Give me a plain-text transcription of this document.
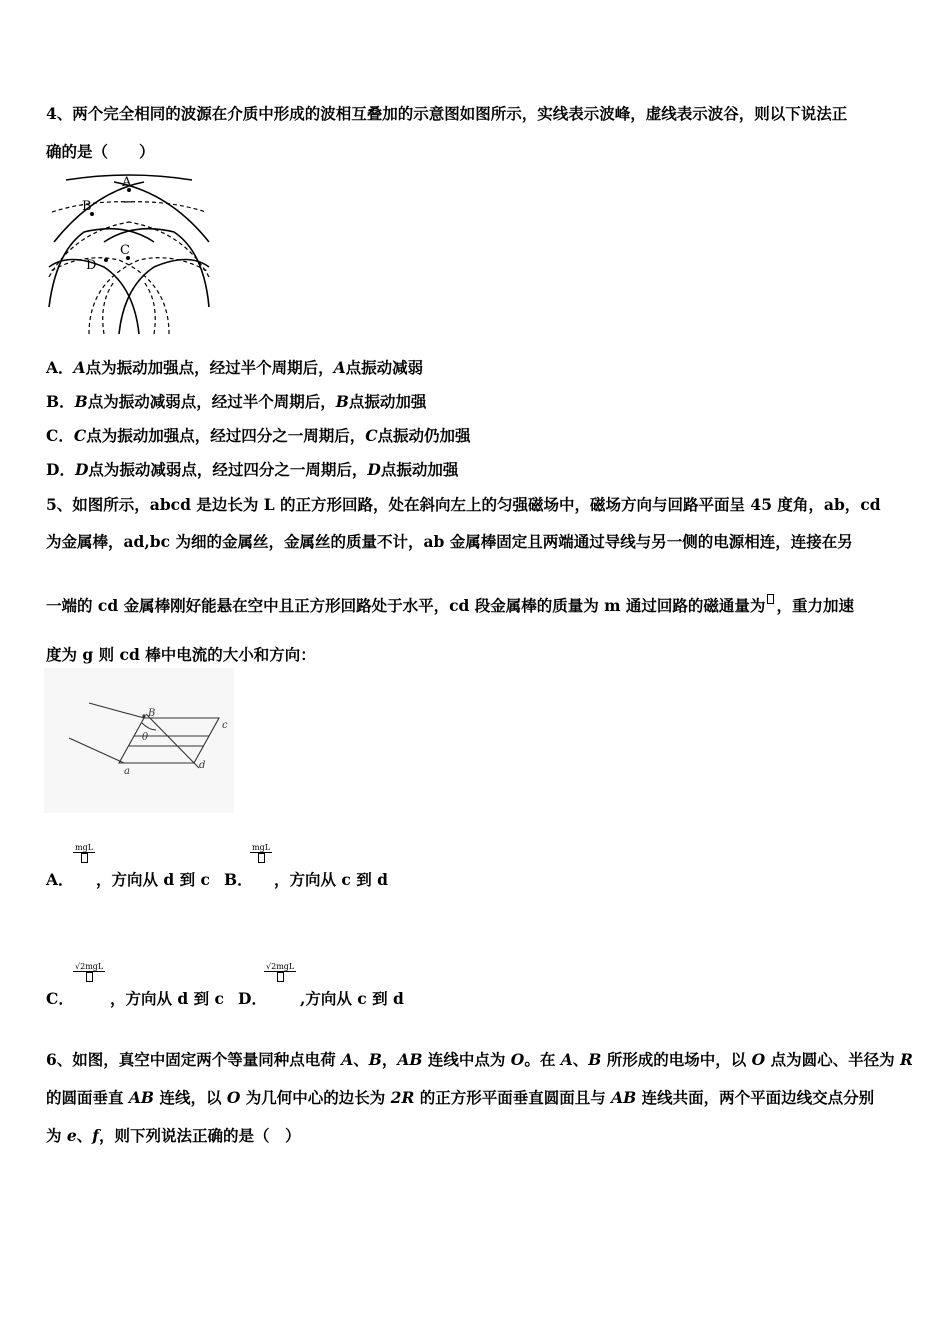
4、两个完全相同的波源在介质中形成的波相互叠加的示意图如图所示，实线表示波峰，虚线表示波谷，则以下说法正
确的是（　　）
A
B
C
D
A．A点为振动加强点，经过半个周期后，A点振动减弱
B．B点为振动减弱点，经过半个周期后，B点振动加强
C．C点为振动加强点，经过四分之一周期后，C点振动仍加强
D．D点为振动减弱点，经过四分之一周期后，D点振动加强
5、如图所示，abcd 是边长为 L 的正方形回路，处在斜向左上的匀强磁场中，磁场方向与回路平面呈 45 度角，ab，cd
为金属棒，ad,bc 为细的金属丝，金属丝的质量不计，ab 金属棒固定且两端通过导线与另一侧的电源相连，连接在另
一端的 cd 金属棒刚好能悬在空中且正方形回路处于水平，cd 段金属棒的质量为 m 通过回路的磁通量为 ，重力加速
度为 g 则 cd 棒中电流的大小和方向：
B
θ
a
c
d
A．
mgL
，方向从 d 到 c B．
mgL
，方向从 c 到 d
C．
√2mgL
，方向从 d 到 c D．
√2mgL
,方向从 c 到 d
6、如图，真空中固定两个等量同种点电荷 A、B，AB 连线中点为 O。在 A、B 所形成的电场中，以 O 点为圆心、半径为 R
的圆面垂直 AB 连线，以 O 为几何中心的边长为 2R 的正方形平面垂直圆面且与 AB 连线共面，两个平面边线交点分别
为 e、f，则下列说法正确的是（　）
